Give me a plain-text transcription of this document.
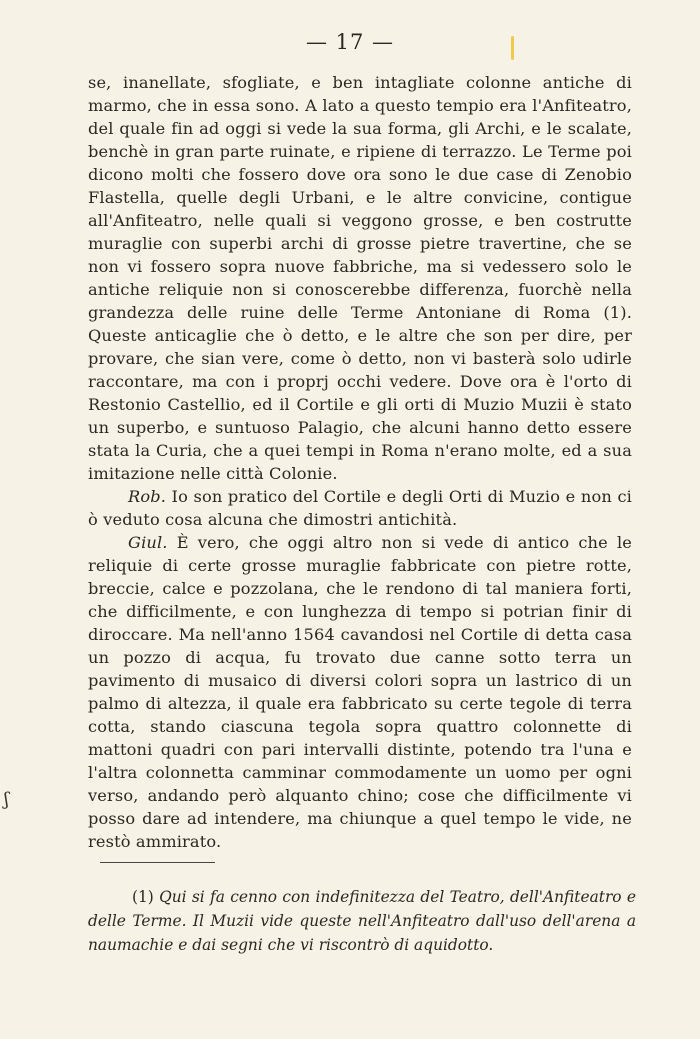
— 17 —

se, inanellate, sfogliate, e ben intagliate colonne antiche di marmo, che in essa sono. A lato a questo tempio era l'Anfiteatro, del quale fin ad oggi si vede la sua forma, gli Archi, e le scalate, benchè in gran parte ruinate, e ripiene di terrazzo. Le Terme poi dicono molti che fossero dove ora sono le due case di Zenobio Flastella, quelle degli Urbani, e le altre convicine, contigue all'Anfiteatro, nelle quali si veggono grosse, e ben costrutte muraglie con superbi archi di grosse pietre travertine, che se non vi fossero sopra nuove fabbriche, ma si vedessero solo le antiche reliquie non si conoscerebbe differenza, fuorchè nella grandezza delle ruine delle Terme Antoniane di Roma (1). Queste anticaglie che ò detto, e le altre che son per dire, per provare, che sian vere, come ò detto, non vi basterà solo udirle raccontare, ma con i proprj occhi vedere. Dove ora è l'orto di Restonio Castellio, ed il Cortile e gli orti di Muzio Muzii è stato un superbo, e suntuoso Palagio, che alcuni hanno detto essere stata la Curia, che a quei tempi in Roma n'erano molte, ed a sua imitazione nelle città Colonie.

Rob. Io son pratico del Cortile e degli Orti di Muzio e non ci ò veduto cosa alcuna che dimostri antichità.

Giul. È vero, che oggi altro non si vede di antico che le reliquie di certe grosse muraglie fabbricate con pietre rotte, breccie, calce e pozzolana, che le rendono di tal maniera forti, che difficilmente, e con lunghezza di tempo si potrian finir di diroccare. Ma nell'anno 1564 cavandosi nel Cortile di detta casa un pozzo di acqua, fu trovato due canne sotto terra un pavimento di musaico di diversi colori sopra un lastrico di un palmo di altezza, il quale era fabbricato su certe tegole di terra cotta, stando ciascuna tegola sopra quattro colonnette di mattoni quadri con pari intervalli distinte, potendo tra l'una e l'altra colonnetta camminar commodamente un uomo per ogni verso, andando però alquanto chino; cose che difficilmente vi posso dare ad intendere, ma chiunque a quel tempo le vide, ne restò ammirato.

ʃ

(1) Qui si fa cenno con indefinitezza del Teatro, dell'Anfiteatro e delle Terme. Il Muzii vide queste nell'Anfiteatro dall'uso dell'arena a naumachie e dai segni che vi riscontrò di aquidotto.
